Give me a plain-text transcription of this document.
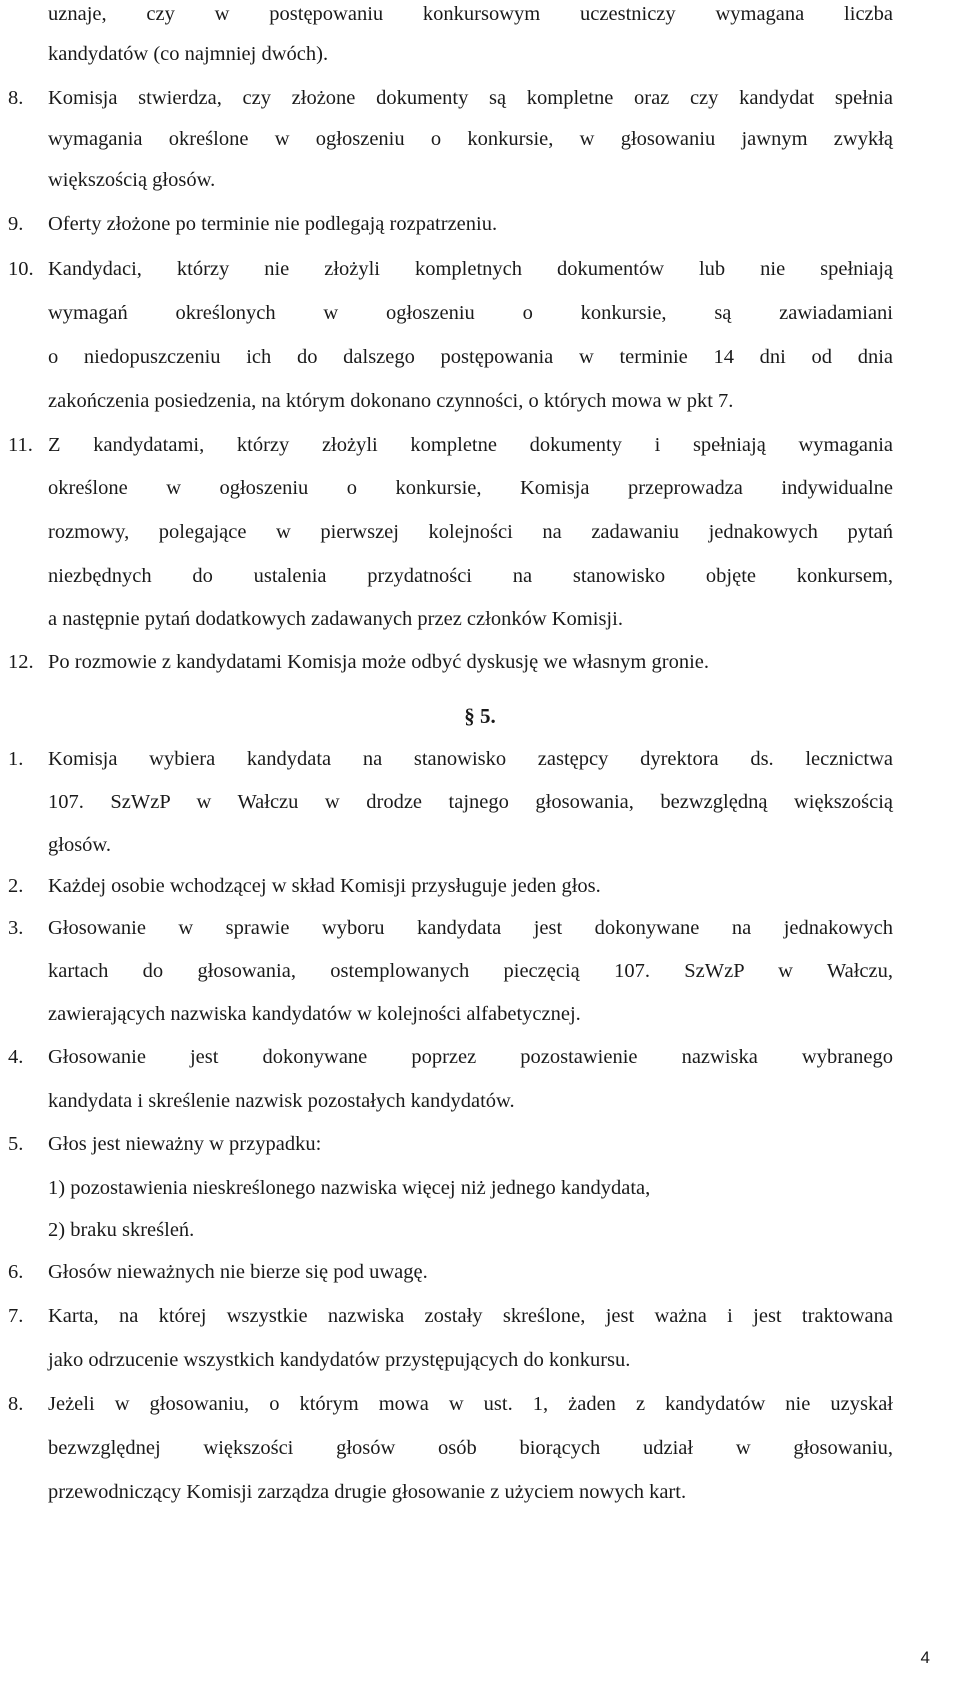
uznaje, czy w postępowaniu konkursowym uczestniczy wymagana liczba
kandydatów (co najmniej dwóch).
8. Komisja stwierdza, czy złożone dokumenty są kompletne oraz czy kandydat spełnia
wymagania określone w ogłoszeniu o konkursie, w głosowaniu jawnym zwykłą
większością głosów.
9. Oferty złożone po terminie nie podlegają rozpatrzeniu.
10. Kandydaci, którzy nie złożyli kompletnych dokumentów lub nie spełniają
wymagań określonych w ogłoszeniu o konkursie, są zawiadamiani
o niedopuszczeniu ich do dalszego postępowania w terminie 14 dni od dnia
zakończenia posiedzenia, na którym dokonano czynności, o których mowa w pkt 7.
11. Z kandydatami, którzy złożyli kompletne dokumenty i spełniają wymagania
określone w ogłoszeniu o konkursie, Komisja przeprowadza indywidualne
rozmowy, polegające w pierwszej kolejności na zadawaniu jednakowych pytań
niezbędnych do ustalenia przydatności na stanowisko objęte konkursem,
a następnie pytań dodatkowych zadawanych przez członków Komisji.
12. Po rozmowie z kandydatami Komisja może odbyć dyskusję we własnym gronie.
§ 5.
1. Komisja wybiera kandydata na stanowisko zastępcy dyrektora ds. lecznictwa
107. SzWzP w Wałczu w drodze tajnego głosowania, bezwzględną większością
głosów.
2. Każdej osobie wchodzącej w skład Komisji przysługuje jeden głos.
3. Głosowanie w sprawie wyboru kandydata jest dokonywane na jednakowych
kartach do głosowania, ostemplowanych pieczęcią 107. SzWzP w Wałczu,
zawierających nazwiska kandydatów w kolejności alfabetycznej.
4. Głosowanie jest dokonywane poprzez pozostawienie nazwiska wybranego
kandydata i skreślenie nazwisk pozostałych kandydatów.
5. Głos jest nieważny w przypadku:
1) pozostawienia nieskreślonego nazwiska więcej niż jednego kandydata,
2) braku skreśleń.
6. Głosów nieważnych nie bierze się pod uwagę.
7. Karta, na której wszystkie nazwiska zostały skreślone, jest ważna i jest traktowana
jako odrzucenie wszystkich kandydatów przystępujących do konkursu.
8. Jeżeli w głosowaniu, o którym mowa w ust. 1, żaden z kandydatów nie uzyskał
bezwzględnej większości głosów osób biorących udział w głosowaniu,
przewodniczący Komisji zarządza drugie głosowanie z użyciem nowych kart.
4
